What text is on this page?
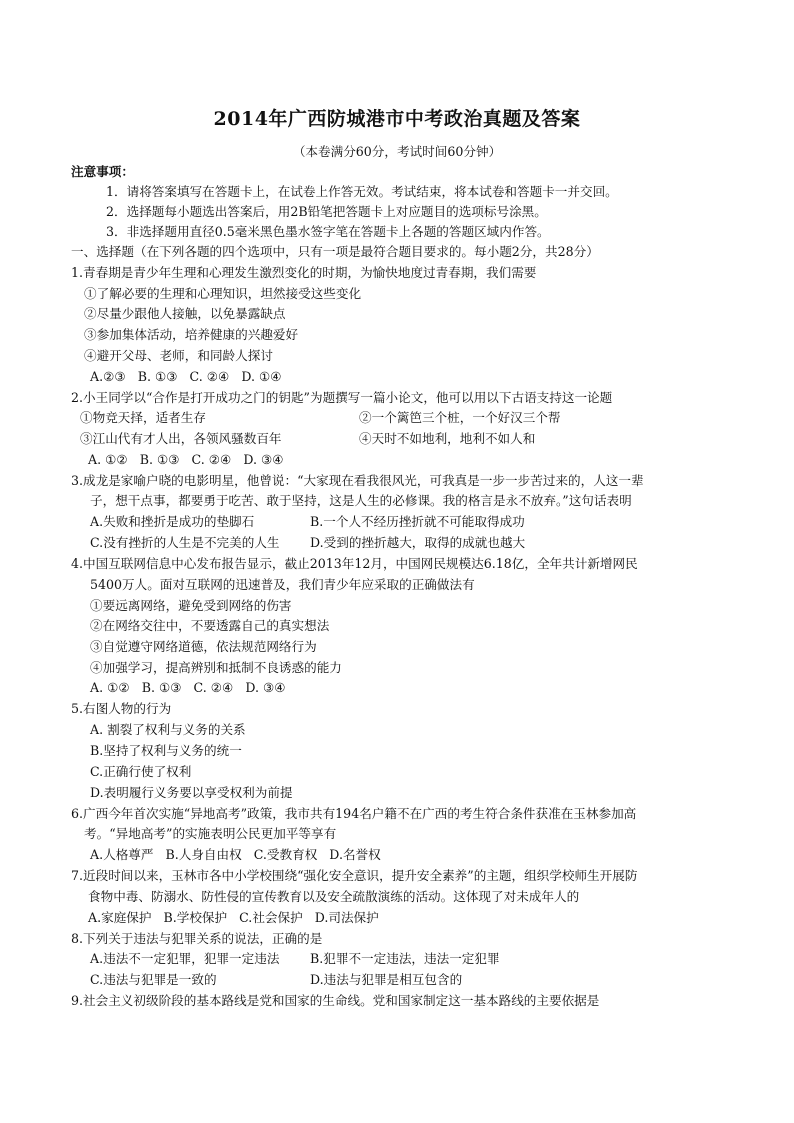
2014年广西防城港市中考政治真题及答案
（本卷满分60分，考试时间60分钟）
注意事项：
1．请将答案填写在答题卡上，在试卷上作答无效。考试结束，将本试卷和答题卡一并交回。
2．选择题每小题选出答案后，用2B铅笔把答题卡上对应题目的选项标号涂黑。
3．非选择题用直径0.5毫米黑色墨水签字笔在答题卡上各题的答题区域内作答。
一、选择题（在下列各题的四个选项中，只有一项是最符合题目要求的。每小题2分，共28分）
1.青春期是青少年生理和心理发生激烈变化的时期，为愉快地度过青春期，我们需要
①了解必要的生理和心理知识，坦然接受这些变化
②尽量少跟他人接触，以免暴露缺点
③参加集体活动，培养健康的兴趣爱好
④避开父母、老师，和同龄人探讨
A.②③   B. ①③   C. ②④   D. ①④
2.小王同学以“合作是打开成功之门的钥匙”为题撰写一篇小论文，他可以用以下古语支持这一论题
①物竞天择，适者生存	②一个篱笆三个桩，一个好汉三个帮
③江山代有才人出，各领风骚数百年	④天时不如地利，地利不如人和
A. ①②   B. ①③   C. ②④   D. ③④
3.成龙是家喻户晓的电影明星，他曾说：“大家现在看我很风光，可我真是一步一步苦过来的，人这一辈
子，想干点事，都要勇于吃苦、敢于坚持，这是人生的必修课。我的格言是永不放弃。”这句话表明
A.失败和挫折是成功的垫脚石	B.一个人不经历挫折就不可能取得成功
C.没有挫折的人生是不完美的人生 D.受到的挫折越大，取得的成就也越大
4.中国互联网信息中心发布报告显示，截止2013年12月，中国网民规模达6.18亿，全年共计新增网民
5400万人。面对互联网的迅速普及，我们青少年应采取的正确做法有
①要远离网络，避免受到网络的伤害
②在网络交往中，不要透露自己的真实想法
③自觉遵守网络道德，依法规范网络行为
④加强学习，提高辨别和抵制不良诱惑的能力
A. ①②   B. ①③   C. ②④   D. ③④
5.右图人物的行为
A. 割裂了权利与义务的关系
B.坚持了权利与义务的统一
C.正确行使了权利
D.表明履行义务要以享受权利为前提
6.广西今年首次实施“异地高考”政策，我市共有194名户籍不在广西的考生符合条件获准在玉林参加高
考。“异地高考”的实施表明公民更加平等享有
A.人格尊严   B.人身自由权   C.受教育权   D.名誉权
7.近段时间以来，玉林市各中小学校围绕“强化安全意识，提升安全素养”的主题，组织学校师生开展防
食物中毒、防溺水、防性侵的宣传教育以及安全疏散演练的活动。这体现了对未成年人的
A.家庭保护   B.学校保护   C.社会保护   D.司法保护
8.下列关于违法与犯罪关系的说法，正确的是
A.违法不一定犯罪，犯罪一定违法 B.犯罪不一定违法，违法一定犯罪
C.违法与犯罪是一致的	D.违法与犯罪是相互包含的
9.社会主义初级阶段的基本路线是党和国家的生命线。党和国家制定这一基本路线的主要依据是
